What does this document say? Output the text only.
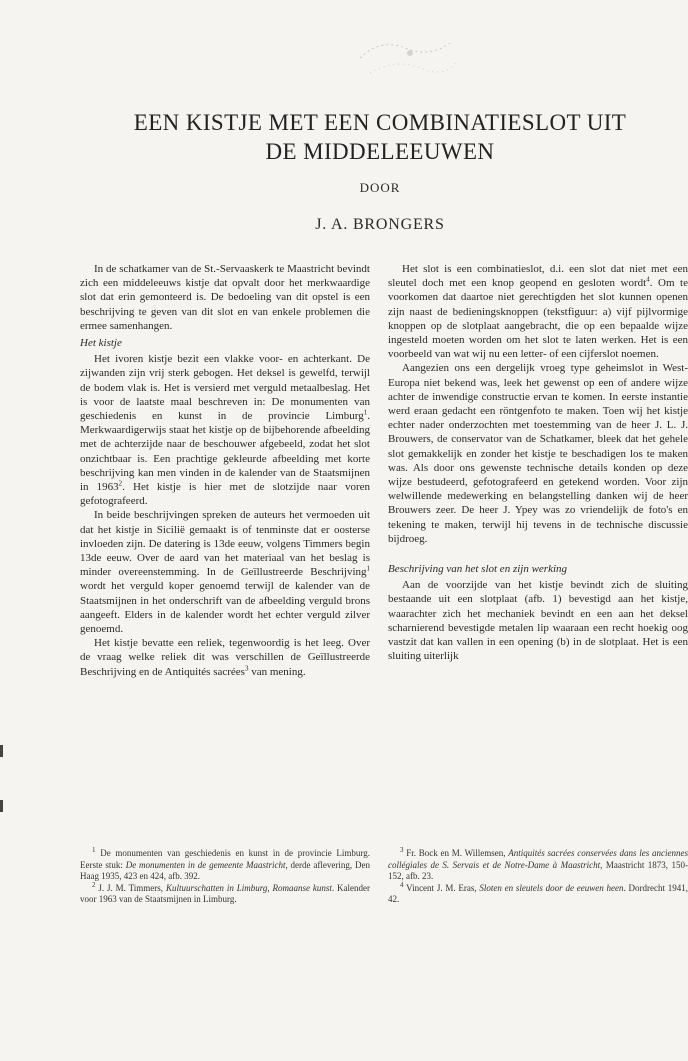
EEN KISTJE MET EEN COMBINATIESLOT UIT
DE MIDDELEEUWEN
DOOR
J. A. BRONGERS

In de schatkamer van de St.-Servaaskerk te Maastricht bevindt zich een middeleeuws kistje dat opvalt door het merkwaardige slot dat erin gemonteerd is. De bedoeling van dit opstel is een beschrijving te geven van dit slot en van enkele problemen die ermee samenhangen.

Het kistje

Het ivoren kistje bezit een vlakke voor- en achterkant. De zijwanden zijn vrij sterk gebogen. Het deksel is gewelfd, terwijl de bodem vlak is. Het is versierd met verguld metaalbeslag. Het is voor de laatste maal beschreven in: De monumenten van geschiedenis en kunst in de provincie Limburg$^1$. Merkwaardigerwijs staat het kistje op de bijbehorende afbeelding met de achterzijde naar de beschouwer afgebeeld, zodat het slot onzichtbaar is. Een prachtige gekleurde afbeelding met korte beschrijving kan men vinden in de kalender van de Staatsmijnen in 1963$^2$. Het kistje is hier met de slotzijde naar voren gefotografeerd.

In beide beschrijvingen spreken de auteurs het vermoeden uit dat het kistje in Sicilië gemaakt is of tenminste dat er oosterse invloeden zijn. De datering is 13de eeuw, volgens Timmers begin 13de eeuw. Over de aard van het materiaal van het beslag is minder overeenstemming. In de Geïllustreerde Beschrijving$^1$ wordt het verguld koper genoemd terwijl de kalender van de Staatsmijnen in het onderschrift van de afbeelding verguld brons aangeeft. Elders in de kalender wordt het echter verguld zilver genoemd.

Het kistje bevatte een reliek, tegenwoordig is het leeg. Over de vraag welke reliek dit was verschillen de Geïllustreerde Beschrijving en de Antiquités sacrées$^3$ van mening.

Het slot is een combinatieslot, d.i. een slot dat niet met een sleutel doch met een knop geopend en gesloten wordt$^4$. Om te voorkomen dat daartoe niet gerechtigden het slot kunnen openen zijn naast de bedieningsknoppen (tekstfiguur: a) vijf pijlvormige knoppen op de slotplaat aangebracht, die op een bepaalde wijze ingesteld moeten worden om het slot te laten werken. Het is een voorbeeld van wat wij nu een letter- of een cijferslot noemen.

Aangezien ons een dergelijk vroeg type geheimslot in West-Europa niet bekend was, leek het gewenst op een of andere wijze achter de inwendige constructie ervan te komen. In eerste instantie werd eraan gedacht een röntgenfoto te maken. Toen wij het kistje echter nader onderzochten met toestemming van de heer J. L. J. Brouwers, de conservator van de Schatkamer, bleek dat het gehele slot gemakkelijk en zonder het kistje te beschadigen los te maken was. Als door ons gewenste technische details konden op deze wijze bestudeerd, gefotografeerd en getekend worden. Voor zijn welwillende medewerking en belangstelling danken wij de heer Brouwers zeer. De heer J. Ypey was zo vriendelijk de foto's en tekening te maken, terwijl hij tevens in de technische discussie bijdroeg.

Beschrijving van het slot en zijn werking

Aan de voorzijde van het kistje bevindt zich de sluiting bestaande uit een slotplaat (afb. 1) bevestigd aan het kistje, waarachter zich het mechaniek bevindt en een aan het deksel scharnierend bevestigde metalen lip waaraan een recht hoekig oog vastzit dat kan vallen in een opening (b) in de slotplaat. Het is een sluiting uiterlijk

$^1$ De monumenten van geschiedenis en kunst in de provincie Limburg. Eerste stuk: De monumenten in de gemeente Maastricht, derde aflevering, Den Haag 1935, 423 en 424, afb. 392.

$^2$ J. J. M. Timmers, Kultuurschatten in Limburg, Romaanse kunst. Kalender voor 1963 van de Staatsmijnen in Limburg.

$^3$ Fr. Bock en M. Willemsen, Antiquités sacrées conservées dans les anciennes collégiales de S. Servais et de Notre-Dame à Maastricht, Maastricht 1873, 150-152, afb. 23.

$^4$ Vincent J. M. Eras, Sloten en sleutels door de eeuwen heen. Dordrecht 1941, 42.
